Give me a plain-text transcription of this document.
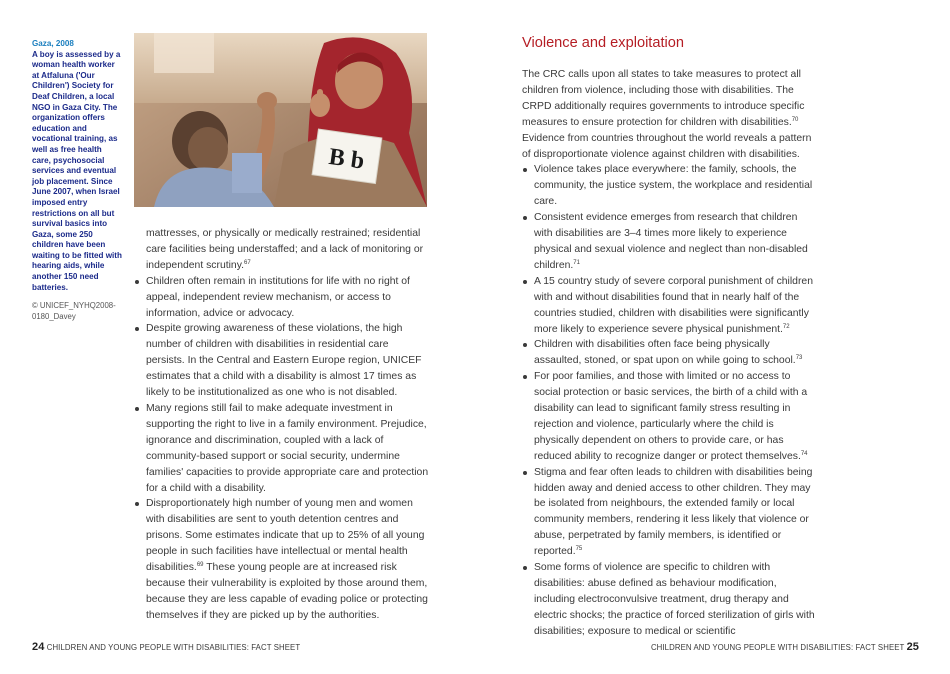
Gaza, 2008
A boy is assessed by a woman health worker at Atfaluna ('Our Children') Society for Deaf Children, a local NGO in Gaza City. The organization offers education and vocational training, as well as free health care, psychosocial services and eventual job placement. Since June 2007, when Israel imposed entry restrictions on all but survival basics into Gaza, some 250 children have been waiting to be fitted with hearing aids, while another 150 need batteries.
© UNICEF_NYHQ2008-0180_Davey
B b

mattresses, or physically or medically restrained; residential care facilities being understaffed; and a lack of monitoring or independent scrutiny.$^{67}$

Children often remain in institutions for life with no right of appeal, independent review mechanism, or access to information, advice or advocacy.
Despite growing awareness of these violations, the high number of children with disabilities in residential care persists. In the Central and Eastern Europe region, UNICEF estimates that a child with a disability is almost 17 times as likely to be institutionalized as one who is not disabled.
Many regions still fail to make adequate investment in supporting the right to live in a family environment. Prejudice, ignorance and discrimination, coupled with a lack of community-based support or social security, undermine families' capacities to provide appropriate care and protection for a child with a disability.
Disproportionately high number of young men and women with disabilities are sent to youth detention centres and prisons. Some estimates indicate that up to 25% of all young people in such facilities have intellectual or mental health disabilities.$^{69}$ These young people are at increased risk because their vulnerability is exploited by those around them, because they are less capable of evading police or protecting themselves if they are picked up by the authorities.
Violence and exploitation

The CRC calls upon all states to take measures to protect all children from violence, including those with disabilities. The CRPD additionally requires governments to introduce specific measures to ensure protection for children with disabilities.$^{70}$ Evidence from countries throughout the world reveals a pattern of disproportionate violence against children with disabilities.

Violence takes place everywhere: the family, schools, the community, the justice system, the workplace and residential care.
Consistent evidence emerges from research that children with disabilities are 3–4 times more likely to experience physical and sexual violence and neglect than non-disabled children.$^{71}$
A 15 country study of severe corporal punishment of children with and without disabilities found that in nearly half of the countries studied, children with disabilities were significantly more likely to experience severe physical punishment.$^{72}$
Children with disabilities often face being physically assaulted, stoned, or spat upon on while going to school.$^{73}$
For poor families, and those with limited or no access to social protection or basic services, the birth of a child with a disability can lead to significant family stress resulting in rejection and violence, particularly where the child is physically dependent on others to provide care, or has reduced ability to recognize danger or protect themselves.$^{74}$
Stigma and fear often leads to children with disabilities being hidden away and denied access to other children. They may be isolated from neighbours, the extended family or local community members, rendering it less likely that violence or abuse, perpetrated by family members, is identified or reported.$^{75}$
Some forms of violence are specific to children with disabilities: abuse defined as behaviour modification, including electroconvulsive treatment, drug therapy and electric shocks; the practice of forced sterilization of girls with disabilities; exposure to medical or scientific
24 CHILDREN AND YOUNG PEOPLE WITH DISABILITIES: FACT SHEET	CHILDREN AND YOUNG PEOPLE WITH DISABILITIES: FACT SHEET 25
